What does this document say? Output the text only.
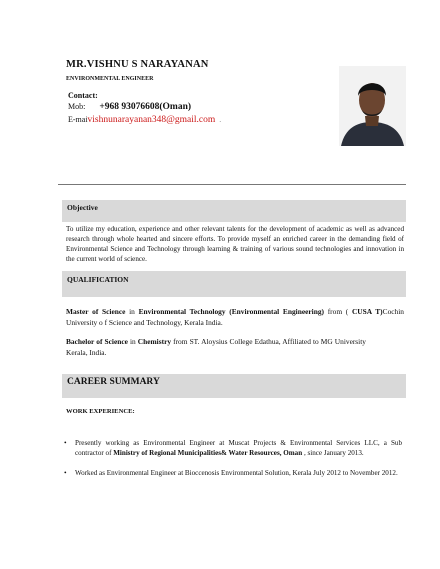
MR.VISHNU S NARAYANAN
ENVIRONMENTAL ENGINEER
Contact:
Mob: +968 93076608(Oman)
E-maivishnunarayanan348@gmail.com .
Objective
To utilize my education, experience and other relevant talents for the development of academic as well as advanced research through whole hearted and sincere efforts. To provide myself an enriched career in the demanding field of Environmental Science and Technology through learning & training of various sound technologies and innovation in the current world of science.
QUALIFICATION
Master of Science in Environmental Technology (Environmental Engineering) from ( CUSA T)Cochin University o f Science and Technology, Kerala India.
Bachelor of Science in Chemistry from ST. Aloysius College Edathua, Affiliated to MG University Kerala, India.
CAREER SUMMARY
WORK EXPERIENCE:
•	Presently working as Environmental Engineer at Muscat Projects & Environmental Services LLC, a Sub contractor of Ministry of Regional Municipalities& Water Resources, Oman , since January 2013.
•	Worked as Environmental Engineer at Bioccenosis Environmental Solution, Kerala July 2012 to November 2012.
